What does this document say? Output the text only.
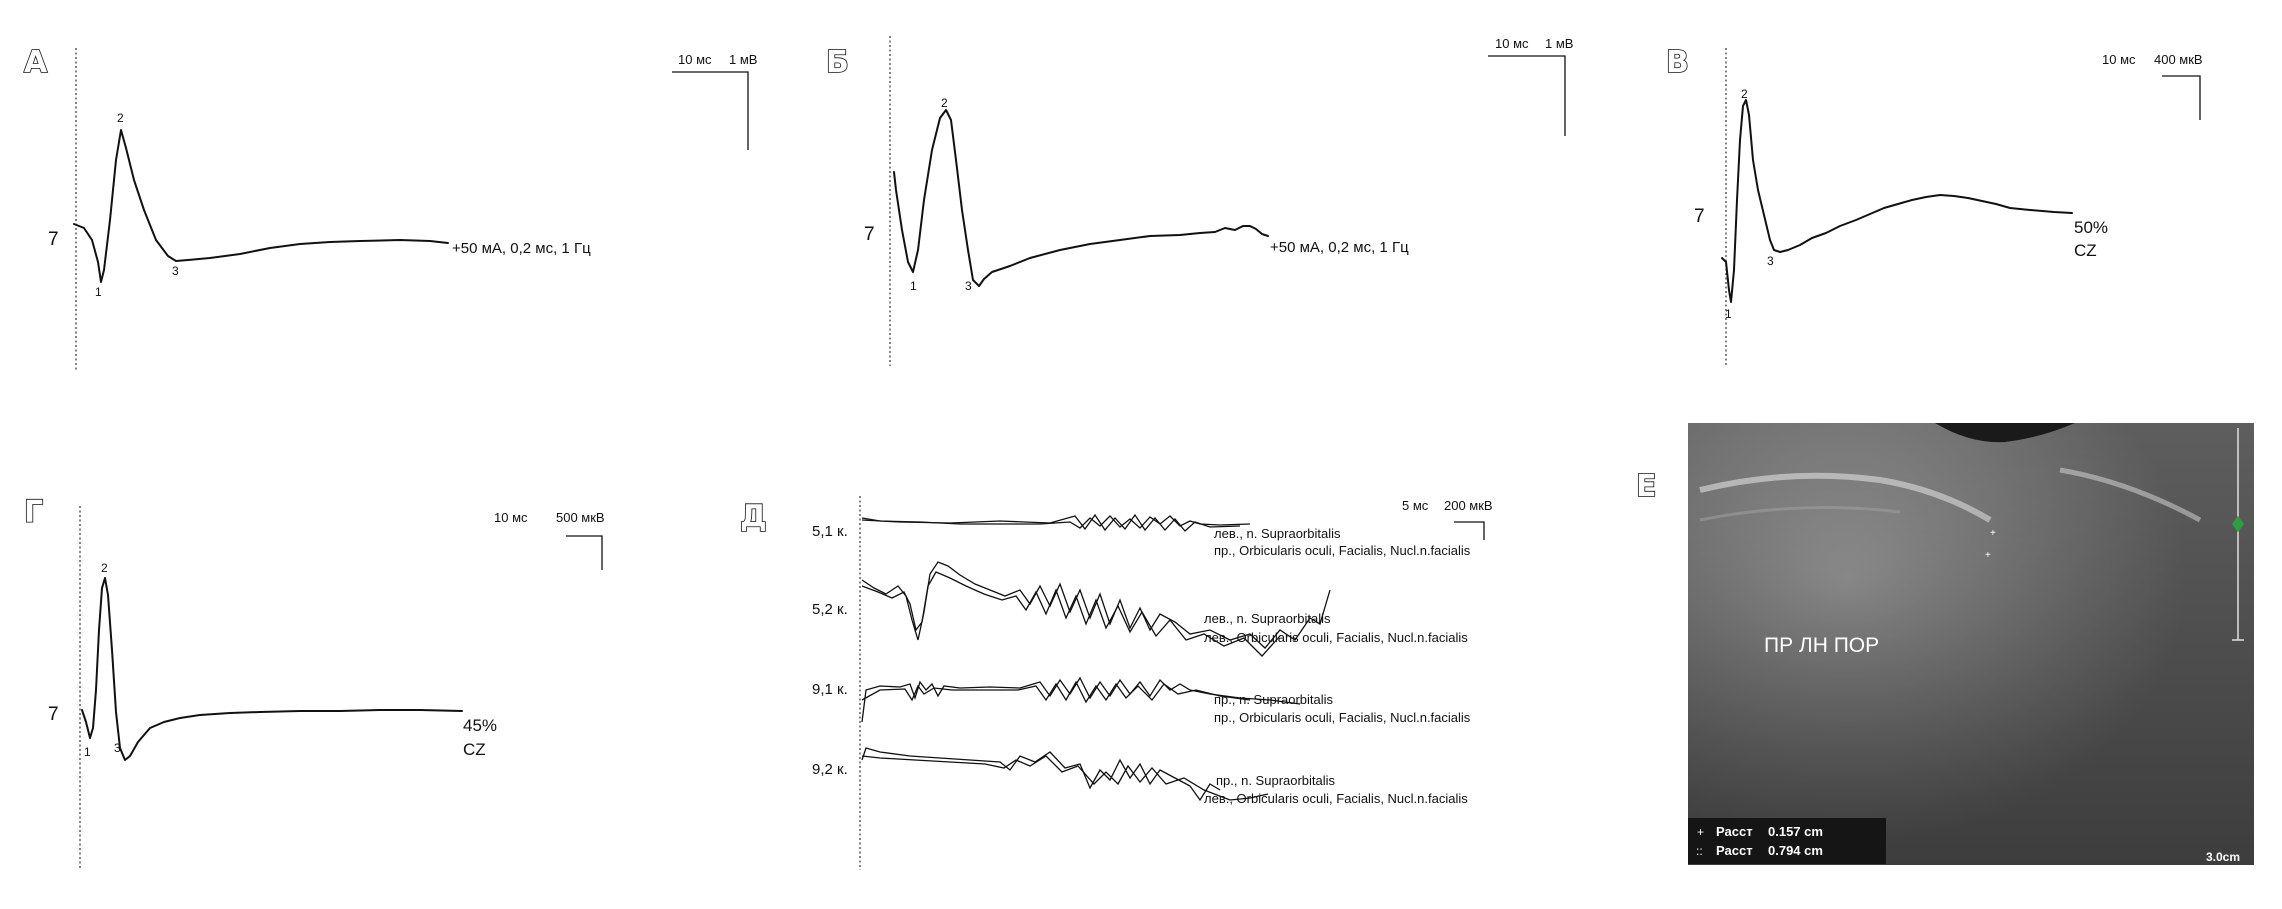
А
7
1
2
3
+50 мА, 0,2 мс, 1 Гц
10 мс 1 мВ Б
7
1
2
3
+50 мА, 0,2 мс, 1 Гц
10 мс 1 мВ
В
7
1
2
3
50%
CZ
10 мс 400 мкВ
Г
7
1
2
3
45%
CZ
10 мс 500 мкВ	Д	5 мс 200 мкВ
5,1 к.	лев., n. Supraorbitalis
пр., Orbicularis oculi, Facialis, Nucl.n.facialis
5,2 к.
лев., n. Supraorbitalis
лев., Orbicularis oculi, Facialis, Nucl.n.facialis
9,1 к.
пр., n. Supraorbitalis
пр., Orbicularis oculi, Facialis, Nucl.n.facialis
9,2 к.
пр., n. Supraorbitalis
лев., Orbicularis oculi, Facialis, Nucl.n.facialis
Е
+
+
ПР ЛН ПОР
+ Расст 0.157 cm
:: Расст 0.794 cm	3.0cm
